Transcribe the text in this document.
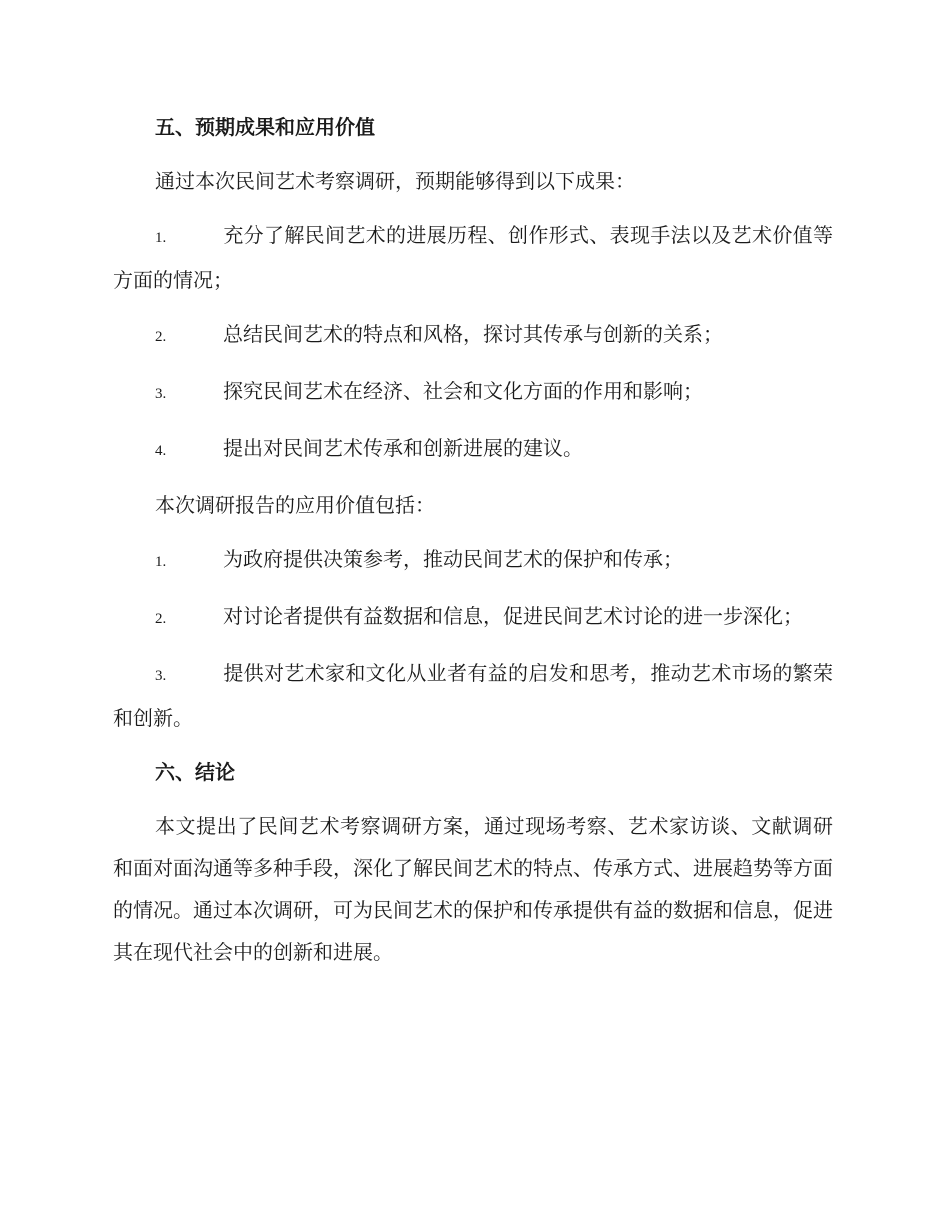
五、预期成果和应用价值
通过本次民间艺术考察调研，预期能够得到以下成果：
1.	充分了解民间艺术的进展历程、创作形式、表现手法以及艺术价值等方面的情况；
2.	总结民间艺术的特点和风格，探讨其传承与创新的关系；
3.	探究民间艺术在经济、社会和文化方面的作用和影响；
4.	提出对民间艺术传承和创新进展的建议。
本次调研报告的应用价值包括：
1.	为政府提供决策参考，推动民间艺术的保护和传承；
2.	对讨论者提供有益数据和信息，促进民间艺术讨论的进一步深化；
3.	提供对艺术家和文化从业者有益的启发和思考，推动艺术市场的繁荣和创新。
六、结论
本文提出了民间艺术考察调研方案，通过现场考察、艺术家访谈、文献调研和面对面沟通等多种手段，深化了解民间艺术的特点、传承方式、进展趋势等方面的情况。通过本次调研，可为民间艺术的保护和传承提供有益的数据和信息，促进其在现代社会中的创新和进展。
